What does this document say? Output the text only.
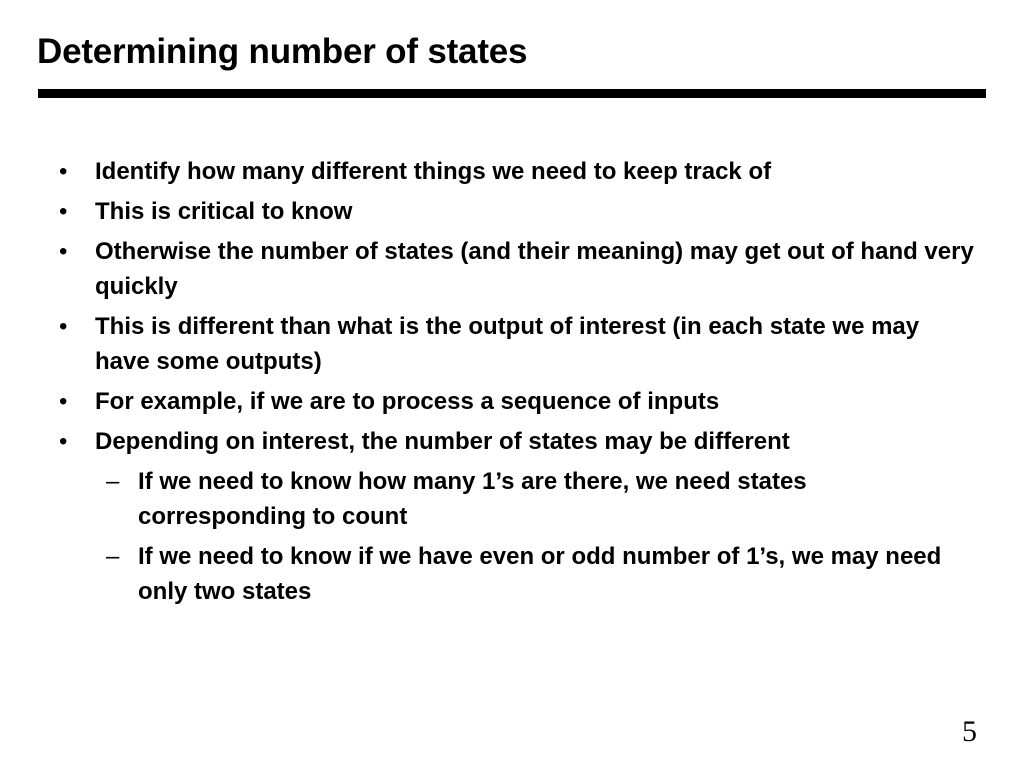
Determining number of states
• Identify how many different things we need to keep track of
• This is critical to know
• Otherwise the number of states (and their meaning) may get out of hand very quickly
• This is different than what is the output of interest (in each state we may have some outputs)
• For example, if we are to process a sequence of inputs
• Depending on interest, the number of states may be different
– If we need to know how many 1’s are there, we need states corresponding to count
– If we need to know if we have even or odd number of 1’s, we may need only two states
5
